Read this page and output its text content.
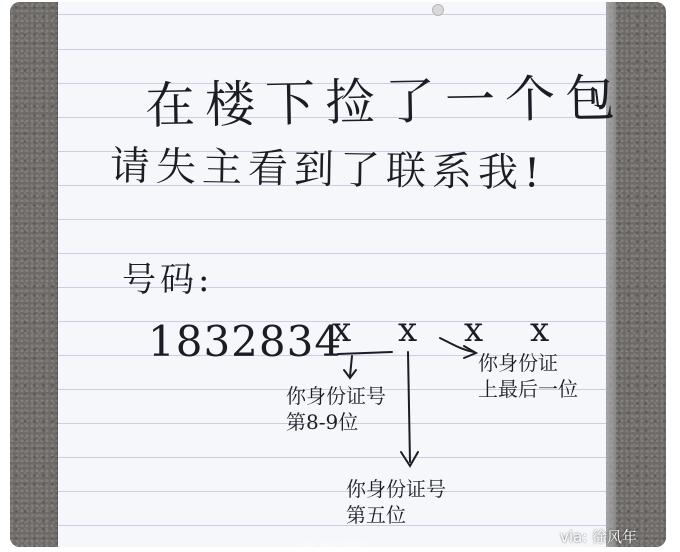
在楼下捡了一个包
请失主看到了联系我!
号码:
1832834
x x x x
你身份证号
第8-9位
你身份证
上最后一位
你身份证号
第五位
三味 @匆匆地行
via: 徐风年
